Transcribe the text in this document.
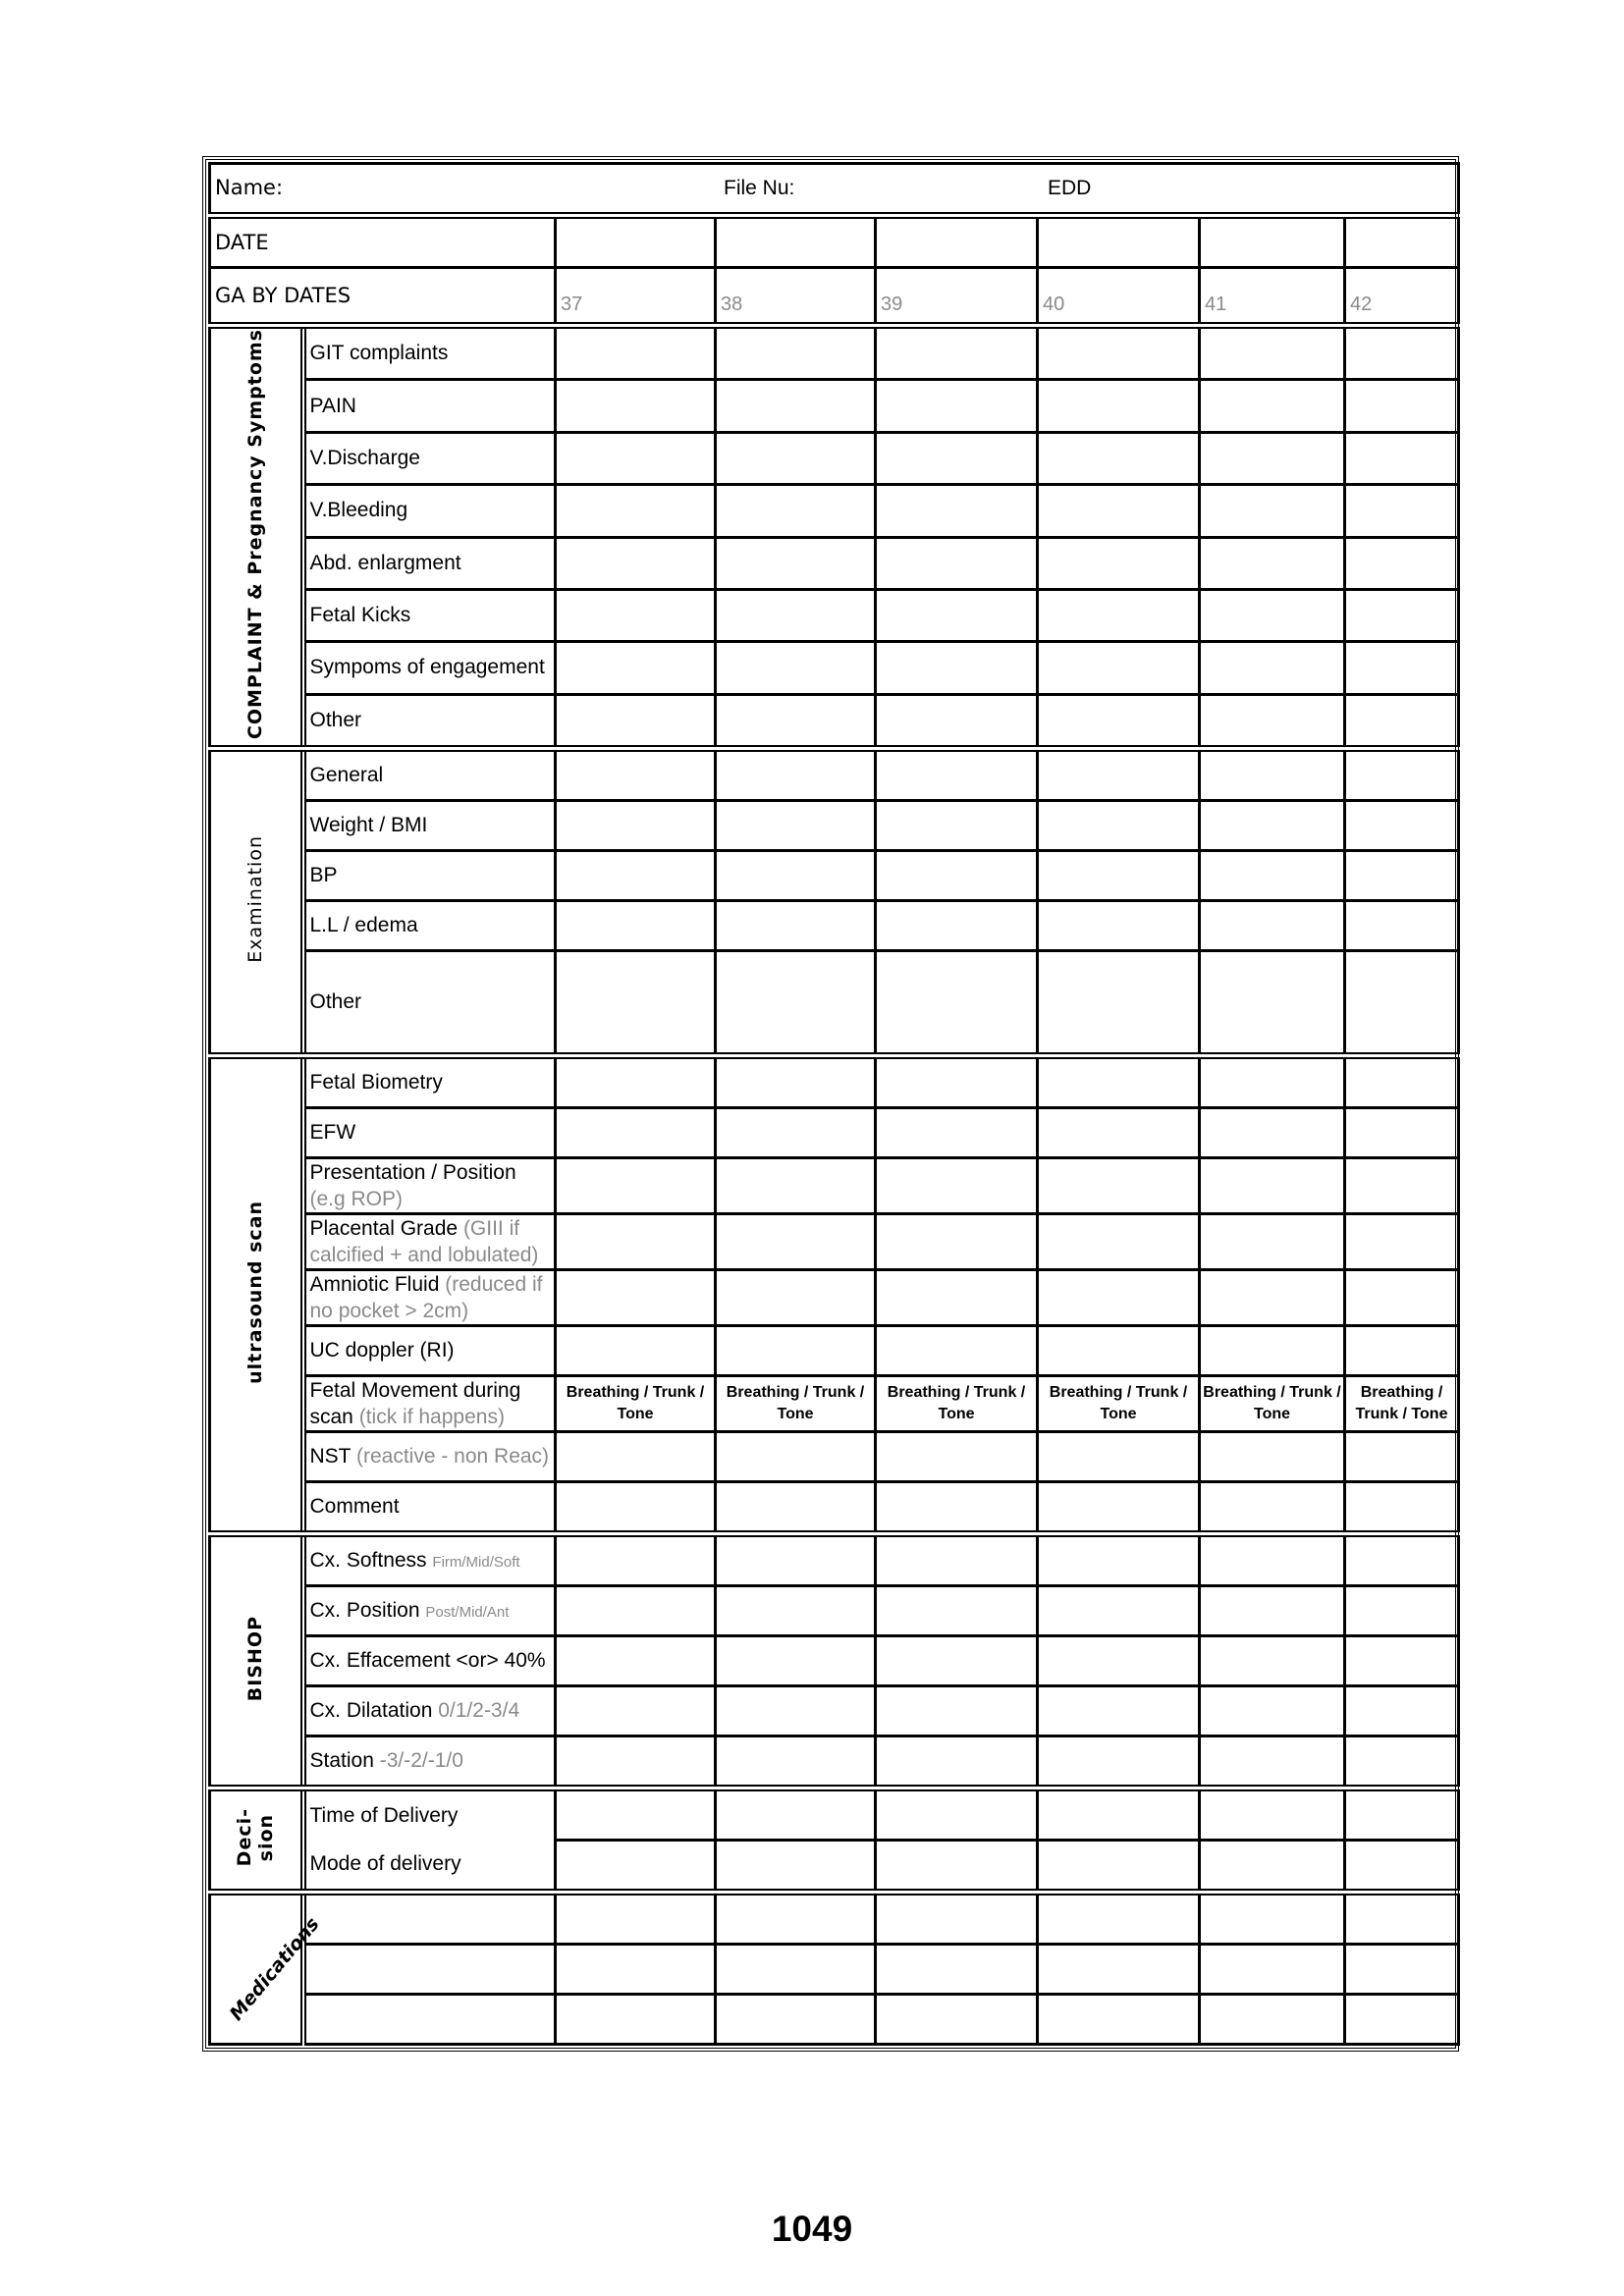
Name: File Nu: EDD							

DATE							
GA BY DATES		37	38	39	40	41	42
COMPLAINT & Pregnancy Symptoms	GIT complaints						
	PAIN						
	V.Discharge						
	V.Bleeding						
	Abd. enlargment						
	Fetal Kicks						
	Sympoms of engagement						
	Other						
Examination	General						
	Weight / BMI						
	BP						
	L.L / edema						
	Other						
ultrasound scan	Fetal Biometry						
	EFW						
	Presentation / Position (e.g ROP)						
	Placental Grade (GIII if calcified + and lobulated)						
	Amniotic Fluid (reduced if no pocket > 2cm)						
	UC doppler (RI)						
	Fetal Movement during scan (tick if happens)	Breathing / Trunk / Tone	Breathing / Trunk / Tone	Breathing / Trunk / Tone	Breathing / Trunk / Tone	Breathing / Trunk / Tone	Breathing / Trunk / Tone
	NST (reactive - non Reac)						
	Comment						
BISHOP	Cx. Softness Firm/Mid/Soft						
	Cx. Position Post/Mid/Ant						
	Cx. Effacement <or> 40%						
	Cx. Dilatation 0/1/2-3/4						
	Station -3/-2/-1/0						
Deci-
sion	Time of Delivery						
	Mode of delivery						
Medications							

1049
